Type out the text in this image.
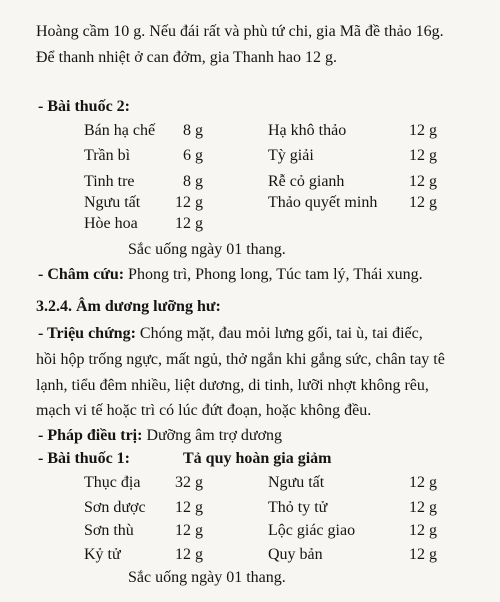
Hoàng cầm 10 g. Nếu đái rất và phù tứ chi, gia Mã đề thảo 16g.
Để thanh nhiệt ở can đởm, gia Thanh hao 12 g.
- Bài thuốc 2:
Bán hạ chế 8 g	Hạ khô thảo	12 g
Trần bì	6 g	Tỳ giải	12 g
Tinh tre	8 g	Rễ cỏ gianh	12 g
Ngưu tất 12 g	Thảo quyết minh 12 g
Hòe hoa 12 g
Sắc uống ngày 01 thang.
- Châm cứu: Phong trì, Phong long, Túc tam lý, Thái xung.
3.2.4. Âm dương lưỡng hư:
- Triệu chứng: Chóng mặt, đau mỏi lưng gối, tai ù, tai điếc,
hồi hộp trống ngực, mất ngủ, thở ngắn khi gắng sức, chân tay tê
lạnh, tiểu đêm nhiều, liệt dương, di tinh, lưỡi nhợt không rêu,
mạch vi tế hoặc trì có lúc đứt đoạn, hoặc không đều.
- Pháp điều trị: Dưỡng âm trợ dương
- Bài thuốc 1:	Tả quy hoàn gia giảm
Thục địa 32 g	Ngưu tất	12 g
Sơn dược 12 g	Thỏ ty tử	12 g
Sơn thù	12 g	Lộc giác giao	12 g
Kỷ tử	12 g	Quy bản	12 g
Sắc uống ngày 01 thang.
